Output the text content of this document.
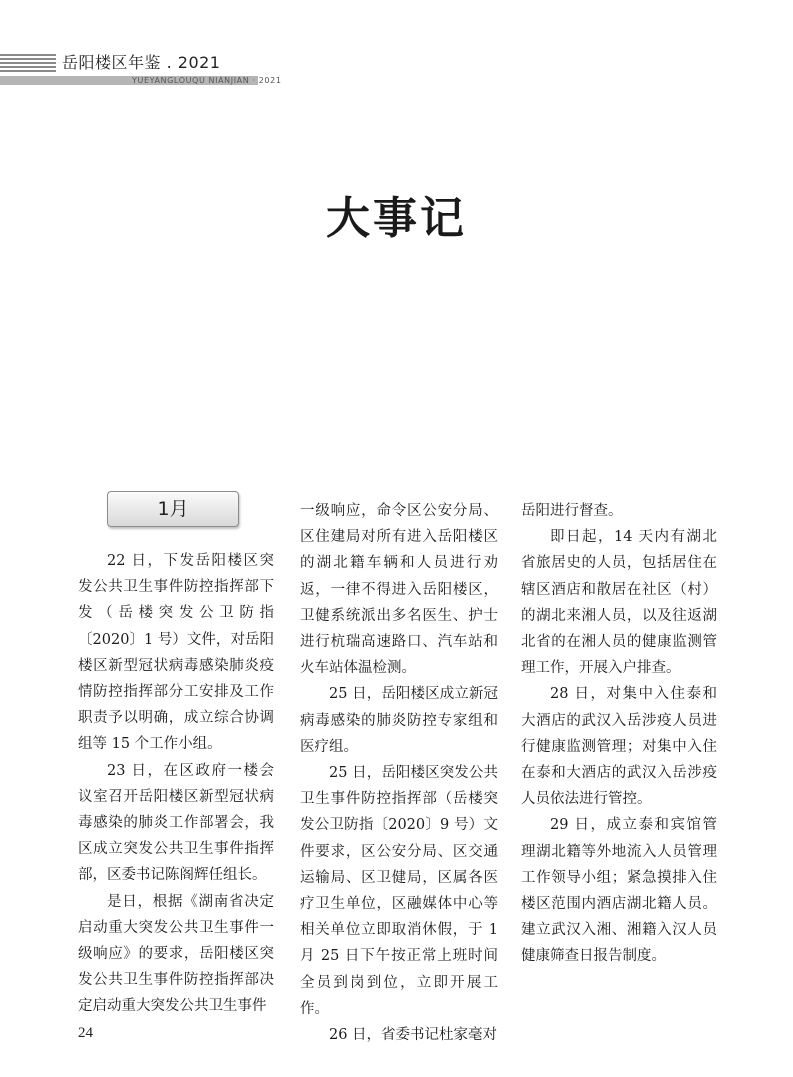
岳阳楼区年鉴 . 2021
YUEYANGLOUQU NIANJIAN · 2021
大事记
1月

22 日，下发岳阳楼区突发公共卫生事件防控指挥部下发（岳楼突发公卫防指〔2020〕1 号）文件，对岳阳楼区新型冠状病毒感染肺炎疫情防控指挥部分工安排及工作职责予以明确，成立综合协调组等 15 个工作小组。

23 日，在区政府一楼会议室召开岳阳楼区新型冠状病毒感染的肺炎工作部署会，我区成立突发公共卫生事件指挥部，区委书记陈阁辉任组长。

是日，根据《湖南省决定启动重大突发公共卫生事件一级响应》的要求，岳阳楼区突发公共卫生事件防控指挥部决定启动重大突发公共卫生事件

一级响应，命令区公安分局、区住建局对所有进入岳阳楼区的湖北籍车辆和人员进行劝返，一律不得进入岳阳楼区，卫健系统派出多名医生、护士进行杭瑞高速路口、汽车站和火车站体温检测。

25 日，岳阳楼区成立新冠病毒感染的肺炎防控专家组和医疗组。

25 日，岳阳楼区突发公共卫生事件防控指挥部（岳楼突发公卫防指〔2020〕9 号）文件要求，区公安分局、区交通运输局、区卫健局，区属各医疗卫生单位，区融媒体中心等相关单位立即取消休假，于 1 月 25 日下午按正常上班时间全员到岗到位，立即开展工作。

26 日，省委书记杜家毫对

岳阳进行督查。

即日起，14 天内有湖北省旅居史的人员，包括居住在辖区酒店和散居在社区（村）的湖北来湘人员，以及往返湖北省的在湘人员的健康监测管理工作，开展入户排查。

28 日，对集中入住泰和大酒店的武汉入岳涉疫人员进行健康监测管理；对集中入住在泰和大酒店的武汉入岳涉疫人员依法进行管控。

29 日，成立泰和宾馆管理湖北籍等外地流入人员管理工作领导小组；紧急摸排入住楼区范围内酒店湖北籍人员。建立武汉入湘、湘籍入汉人员健康筛查日报告制度。

24
